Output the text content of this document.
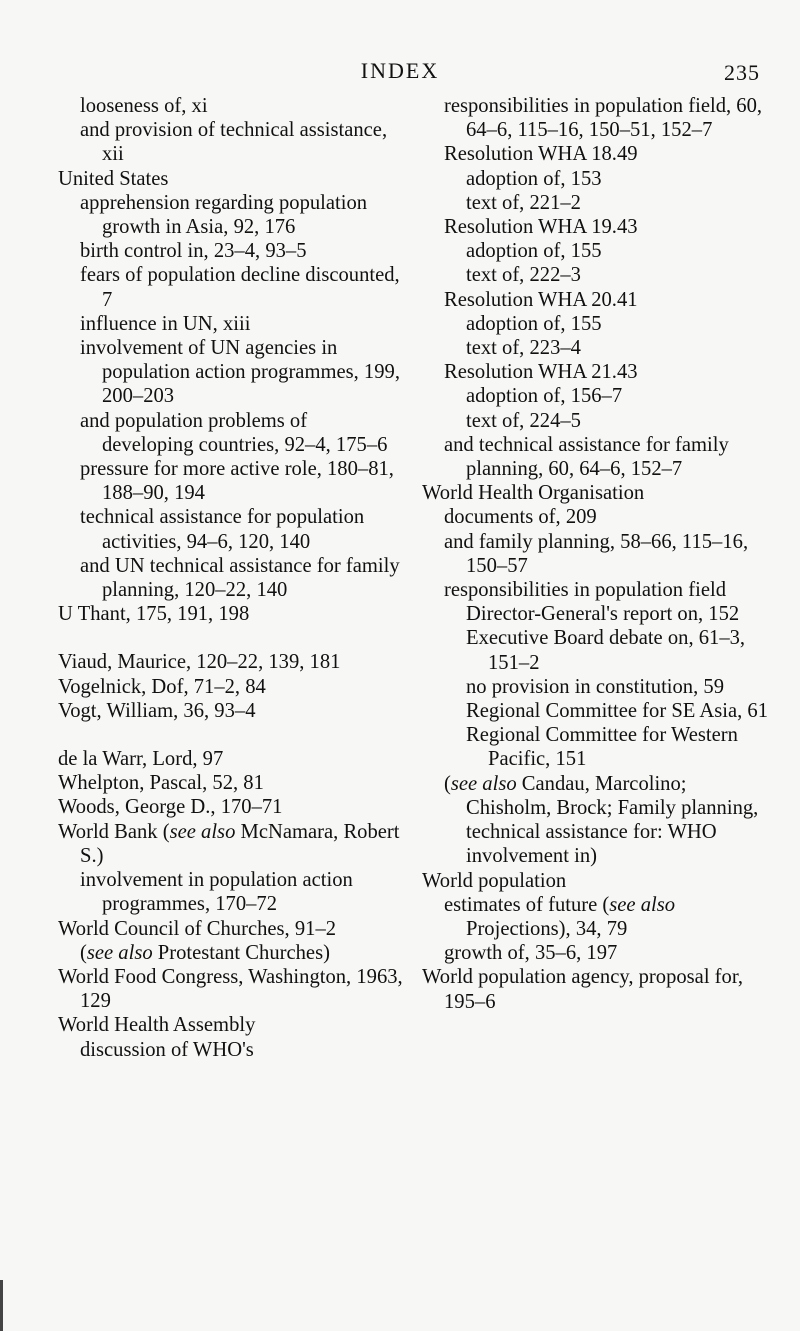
INDEX	235
looseness of, xi
and provision of technical assistance, xii
United States
apprehension regarding population growth in Asia, 92, 176
birth control in, 23–4, 93–5
fears of population decline discounted, 7
influence in UN, xiii
involvement of UN agencies in population action programmes, 199, 200–203
and population problems of developing countries, 92–4, 175–6
pressure for more active role, 180–81, 188–90, 194
technical assistance for population activities, 94–6, 120, 140
and UN technical assistance for family planning, 120–22, 140
U Thant, 175, 191, 198
Viaud, Maurice, 120–22, 139, 181
Vogelnick, Dof, 71–2, 84
Vogt, William, 36, 93–4
de la Warr, Lord, 97
Whelpton, Pascal, 52, 81
Woods, George D., 170–71
World Bank (see also McNamara, Robert S.)
involvement in population action programmes, 170–72
World Council of Churches, 91–2
(see also Protestant Churches)
World Food Congress, Washington, 1963, 129
World Health Assembly
discussion of WHO's
responsibilities in population field, 60, 64–6, 115–16, 150–51, 152–7
Resolution WHA 18.49
adoption of, 153
text of, 221–2
Resolution WHA 19.43
adoption of, 155
text of, 222–3
Resolution WHA 20.41
adoption of, 155
text of, 223–4
Resolution WHA 21.43
adoption of, 156–7
text of, 224–5
and technical assistance for family planning, 60, 64–6, 152–7
World Health Organisation
documents of, 209
and family planning, 58–66, 115–16, 150–57
responsibilities in population field
Director-General's report on, 152
Executive Board debate on, 61–3, 151–2
no provision in constitution, 59
Regional Committee for SE Asia, 61
Regional Committee for Western Pacific, 151
(see also Candau, Marcolino; Chisholm, Brock; Family planning, technical assistance for: WHO involvement in)
World population
estimates of future (see also Projections), 34, 79
growth of, 35–6, 197
World population agency, proposal for, 195–6
